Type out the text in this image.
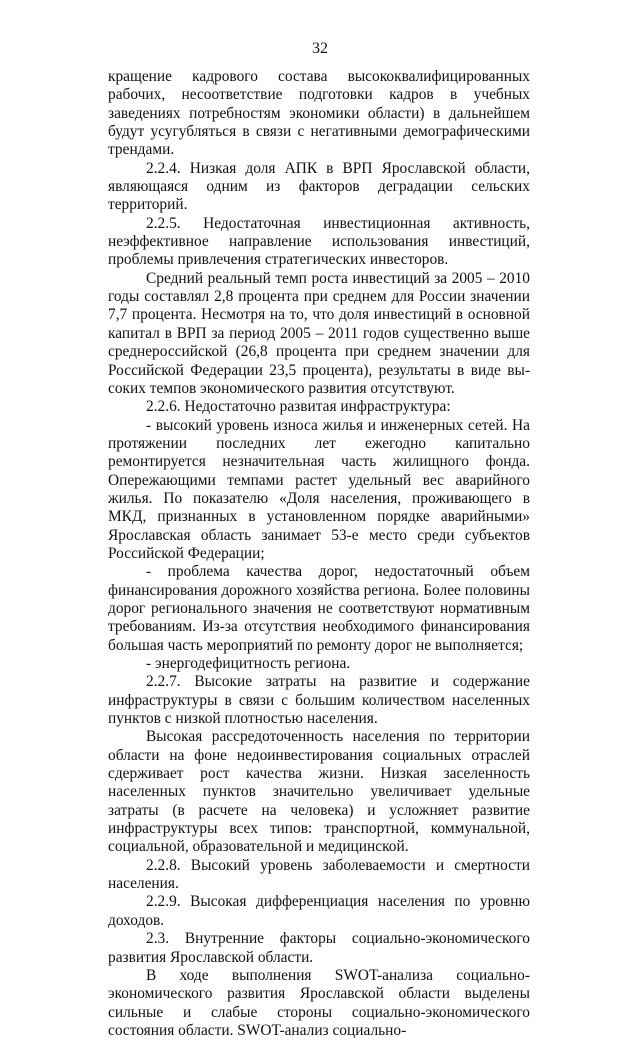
32

кращение кадрового состава высококвалифицированных рабочих, несоответствие подготовки кадров в учебных заведениях потребностям экономики области) в дальнейшем будут усугубляться в связи с негативными демографическими трендами.

2.2.4. Низкая доля АПК в ВРП Ярославской области, являющаяся одним из факторов деградации сельских территорий.

2.2.5. Недостаточная инвестиционная активность, неэффективное направление использования инвестиций, проблемы привлечения стратегических инвесторов.

Средний реальный темп роста инвестиций за 2005 – 2010 годы составлял 2,8 процента при среднем для России значении 7,7 процента. Несмотря на то, что доля инвестиций в основной капитал в ВРП за период 2005 – 2011 годов существенно выше среднероссийской (26,8 процента при среднем значении для Российской Федерации 23,5 процента), результаты в виде высоких темпов экономического развития отсутствуют.

2.2.6. Недостаточно развитая инфраструктура:

- высокий уровень износа жилья и инженерных сетей. На протяжении последних лет ежегодно капитально ремонтируется незначительная часть жилищного фонда. Опережающими темпами растет удельный вес аварийного жилья. По показателю «Доля населения, проживающего в МКД, признанных в установленном порядке аварийными» Ярославская область занимает 53-е место среди субъектов Российской Федерации;

- проблема качества дорог, недостаточный объем финансирования дорожного хозяйства региона. Более половины дорог регионального значения не соответствуют нормативным требованиям. Из-за отсутствия необходимого финансирования большая часть мероприятий по ремонту дорог не выполняется;

- энергодефицитность региона.

2.2.7. Высокие затраты на развитие и содержание инфраструктуры в связи с большим количеством населенных пунктов с низкой плотностью населения.

Высокая рассредоточенность населения по территории области на фоне недоинвестирования социальных отраслей сдерживает рост качества жизни. Низкая заселенность населенных пунктов значительно увеличивает удельные затраты (в расчете на человека) и усложняет развитие инфраструктуры всех типов: транспортной, коммунальной, социальной, образовательной и медицинской.

2.2.8. Высокий уровень заболеваемости и смертности населения.

2.2.9. Высокая дифференциация населения по уровню доходов.

2.3. Внутренние факторы социально-экономического развития Ярославской области.

В ходе выполнения SWOT-анализа социально-экономического развития Ярославской области выделены сильные и слабые стороны социально-экономического состояния области. SWOT-анализ социально-
